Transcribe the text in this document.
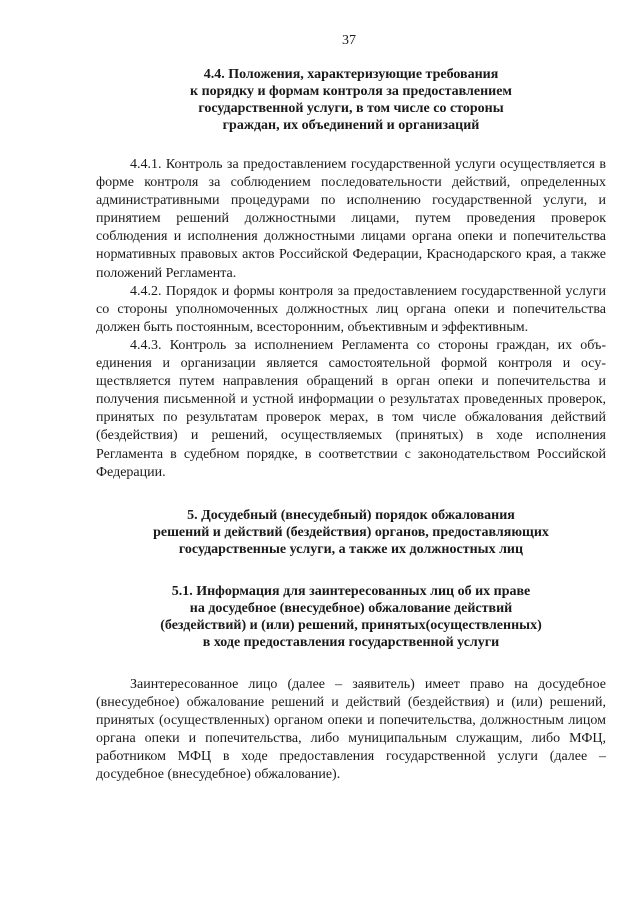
37
4.4. Положения, характеризующие требования
к порядку и формам контроля за предоставлением
государственной услуги, в том числе со стороны
граждан, их объединений и организаций

4.4.1. Контроль за предоставлением государственной услуги осуществляется в форме контроля за соблюдением последовательности действий, определенных административными процедурами по исполнению государственной услуги, и принятием решений должностными лицами, путем проведения проверок соблюдения и исполнения должностными лицами органа опеки и попечительства нормативных правовых актов Российской Федерации, Краснодарского края, а также положений Регламента.

4.4.2. Порядок и формы контроля за предоставлением государственной услуги со стороны уполномоченных должностных лиц органа опеки и попечительства должен быть постоянным, всесторонним, объективным и эффективным.

4.4.3. Контроль за исполнением Регламента со стороны граждан, их объединения и организации является самостоятельной формой контроля и осуществляется путем направления обращений в орган опеки и попечительства и получения письменной и устной информации о результатах проведенных проверок, принятых по результатам проверок мерах, в том числе обжалования действий (бездействия) и решений, осуществляемых (принятых) в ходе исполнения Регламента в судебном порядке, в соответствии с законодательством Российской Федерации.

5. Досудебный (внесудебный) порядок обжалования
решений и действий (бездействия) органов, предоставляющих
государственные услуги, а также их должностных лиц
5.1. Информация для заинтересованных лиц об их праве
на досудебное (внесудебное) обжалование действий
(бездействий) и (или) решений, принятых(осуществленных)
в ходе предоставления государственной услуги

Заинтересованное лицо (далее – заявитель) имеет право на досудебное (внесудебное) обжалование решений и действий (бездействия) и (или) решений, принятых (осуществленных) органом опеки и попечительства, должностным лицом органа опеки и попечительства, либо муниципальным служащим, либо МФЦ, работником МФЦ в ходе предоставления государственной услуги (далее – досудебное (внесудебное) обжалование).
